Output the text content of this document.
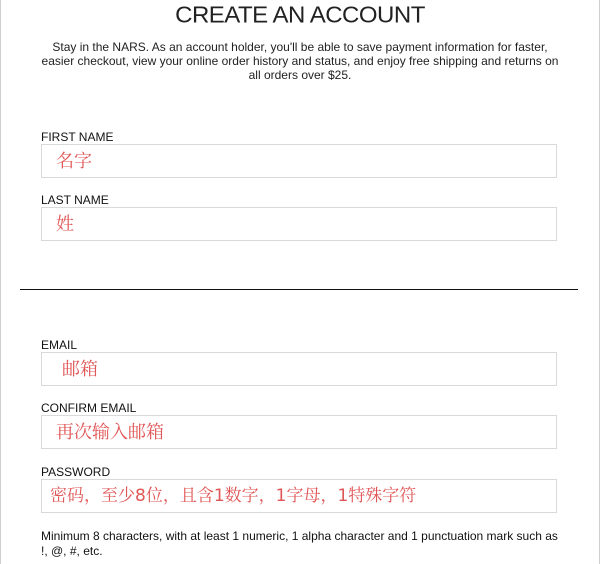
CREATE AN ACCOUNT

Stay in the NARS. As an account holder, you'll be able to save payment information for faster, easier checkout, view your online order history and status, and enjoy free shipping and returns on all orders over $25.

FIRST NAME
名字
LAST NAME
姓
EMAIL
邮箱
CONFIRM EMAIL
再次输入邮箱
PASSWORD

Minimum 8 characters, with at least 1 numeric, 1 alpha character and 1 punctuation mark such as !, @, #, etc.
